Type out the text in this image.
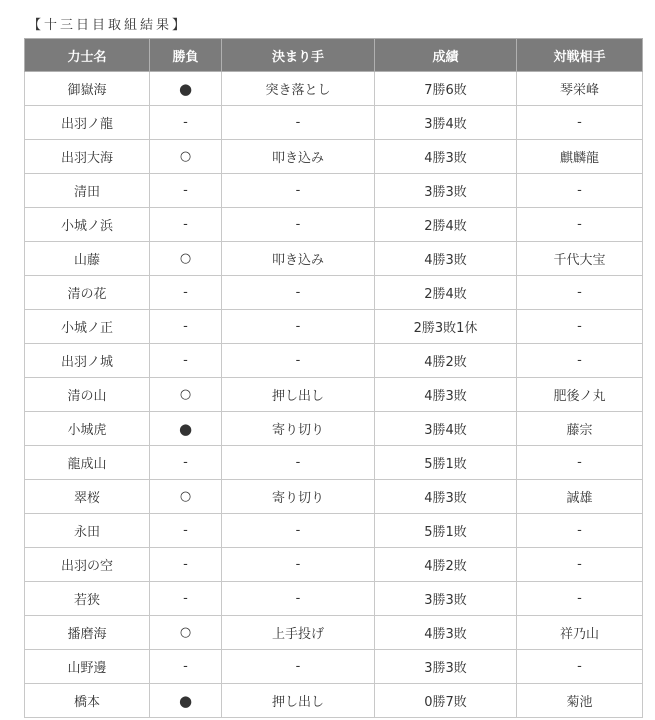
【十三日目取組結果】
力士名	勝負	決まり手	成績	対戦相手
御嶽海	●	突き落とし	7勝6敗	琴栄峰
出羽ノ龍	-	-	3勝4敗	-
出羽大海	○	叩き込み	4勝3敗	麒麟龍
清田	-	-	3勝3敗	-
小城ノ浜	-	-	2勝4敗	-
山藤	○	叩き込み	4勝3敗	千代大宝
清の花	-	-	2勝4敗	-
小城ノ正	-	-	2勝3敗1休	-
出羽ノ城	-	-	4勝2敗	-
清の山	○	押し出し	4勝3敗	肥後ノ丸
小城虎	●	寄り切り	3勝4敗	藤宗
龍成山	-	-	5勝1敗	-
翠桜	○	寄り切り	4勝3敗	誠雄
永田	-	-	5勝1敗	-
出羽の空	-	-	4勝2敗	-
若狭	-	-	3勝3敗	-
播磨海	○	上手投げ	4勝3敗	祥乃山
山野邊	-	-	3勝3敗	-
橋本	●	押し出し	0勝7敗	菊池
